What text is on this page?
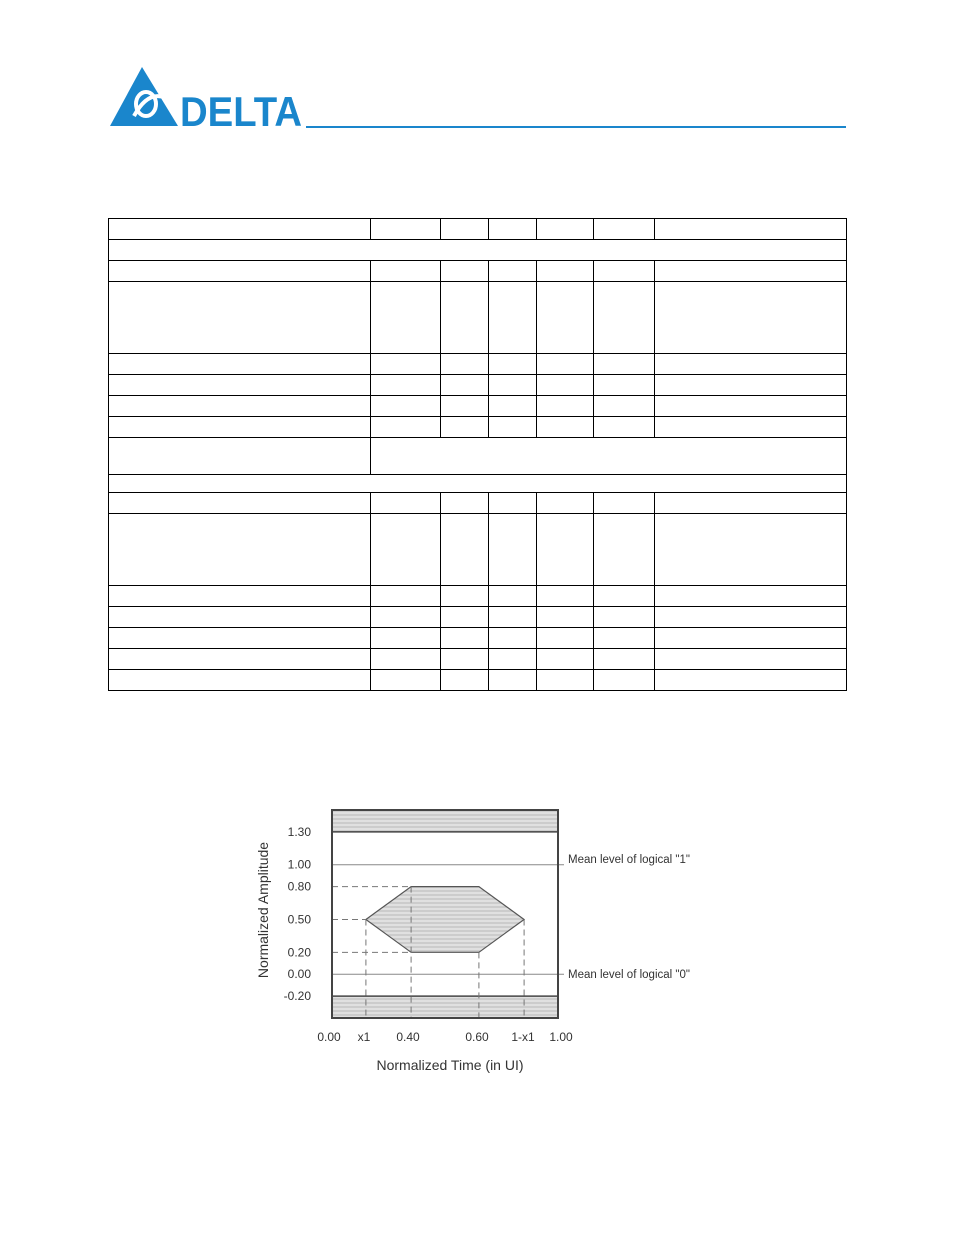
DELTA

1.30
1.00
0.80
0.50
0.20
0.00
-0.20
0.00 x1 0.40	0.60 1-x1 1.00
Normalized Amplitude
Normalized Time (in UI)
Mean level of logical "1"
Mean level of logical "0"
